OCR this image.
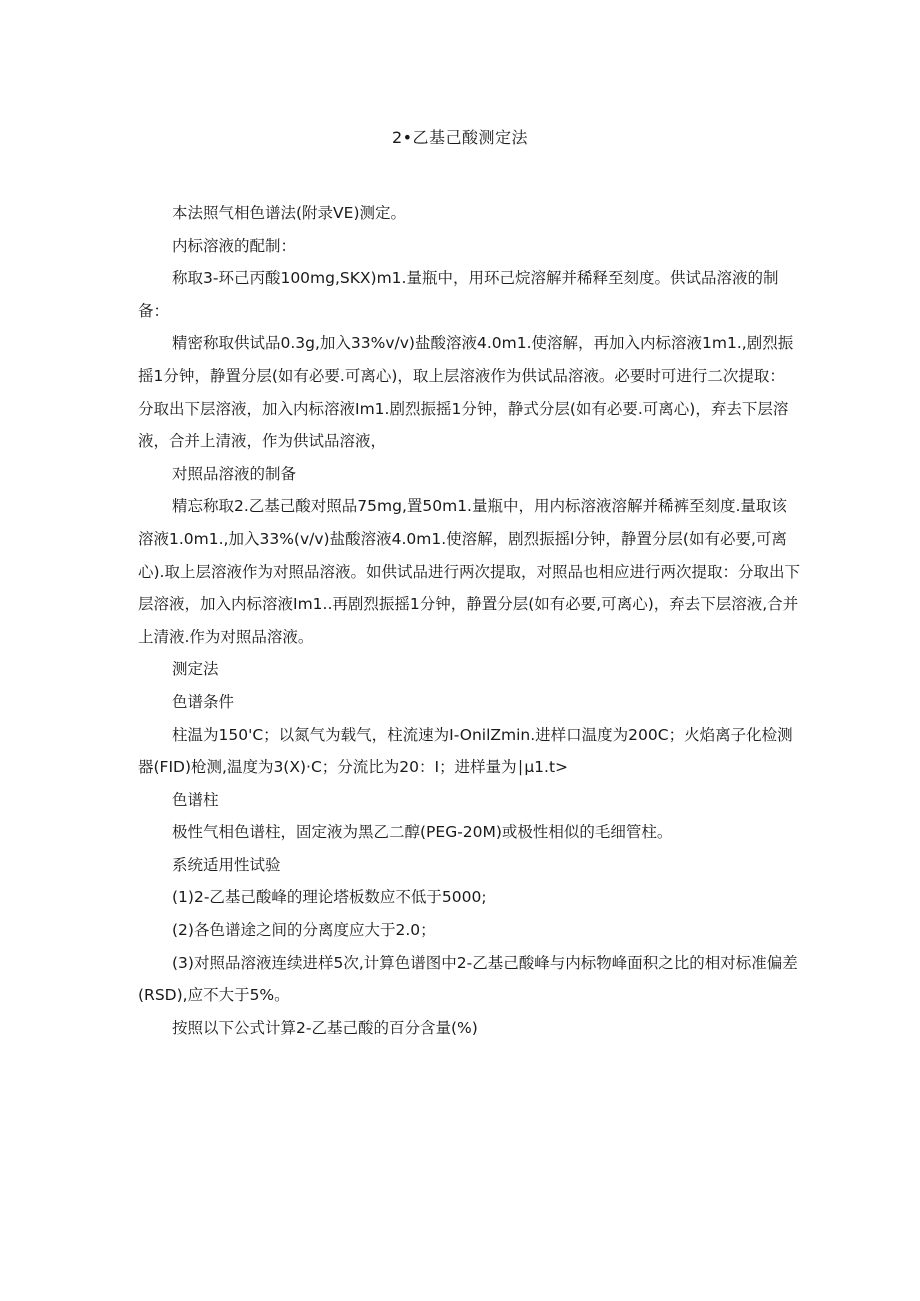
2•乙基己酸测定法

本法照气相色谱法(附录VE)测定。

内标溶液的配制：

称取3-环己丙酸100mg,SKX)m1.量瓶中，用环己烷溶解并稀释至刻度。供试品溶液的制备：

精密称取供试品0.3g,加入33%v∕v)盐酸溶液4.0m1.使溶解，再加入内标溶液1m1.,剧烈振摇1分钟，静置分层(如有必要.可离心)，取上层溶液作为供试品溶液。必要时可进行二次提取：分取出下层溶液，加入内标溶液Im1.剧烈振摇1分钟，静式分层(如有必要.可离心)，弃去下层溶液，合并上清液，作为供试品溶液，

对照品溶液的制备

精忘称取2.乙基己酸对照品75mg,置50m1.量瓶中，用内标溶液溶解并稀裤至刻度.量取该溶液1.0m1.,加入33%(v∕v)盐酸溶液4.0m1.使溶解，剧烈振摇l分钟，静置分层(如有必要,可离心).取上层溶液作为对照品溶液。如供试品进行两次提取，对照品也相应进行两次提取：分取出下层溶液，加入内标溶液Im1..再剧烈振摇1分钟，静置分层(如有必要,可离心)，弃去下层溶液,合并上清液.作为对照品溶液。

测定法

色谱条件

柱温为150'C；以氮气为载气，柱流速为I-OnilZmin.进样口温度为200C；火焰离子化检测器(FID)枪测,温度为3(X)·C；分流比为20：I；进样量为∣μ1.t>

色谱柱

极性气相色谱柱，固定液为黑乙二醇(PEG-20M)或极性相似的毛细管柱。

系统适用性试验

(1)2-乙基己酸峰的理论塔板数应不低于5000;

(2)各色谱途之间的分离度应大于2.0；

(3)对照品溶液连续进样5次,计算色谱图中2-乙基己酸峰与内标物峰面积之比的相对标准偏差(RSD),应不大于5%。

按照以下公式计算2-乙基己酸的百分含量(%)
